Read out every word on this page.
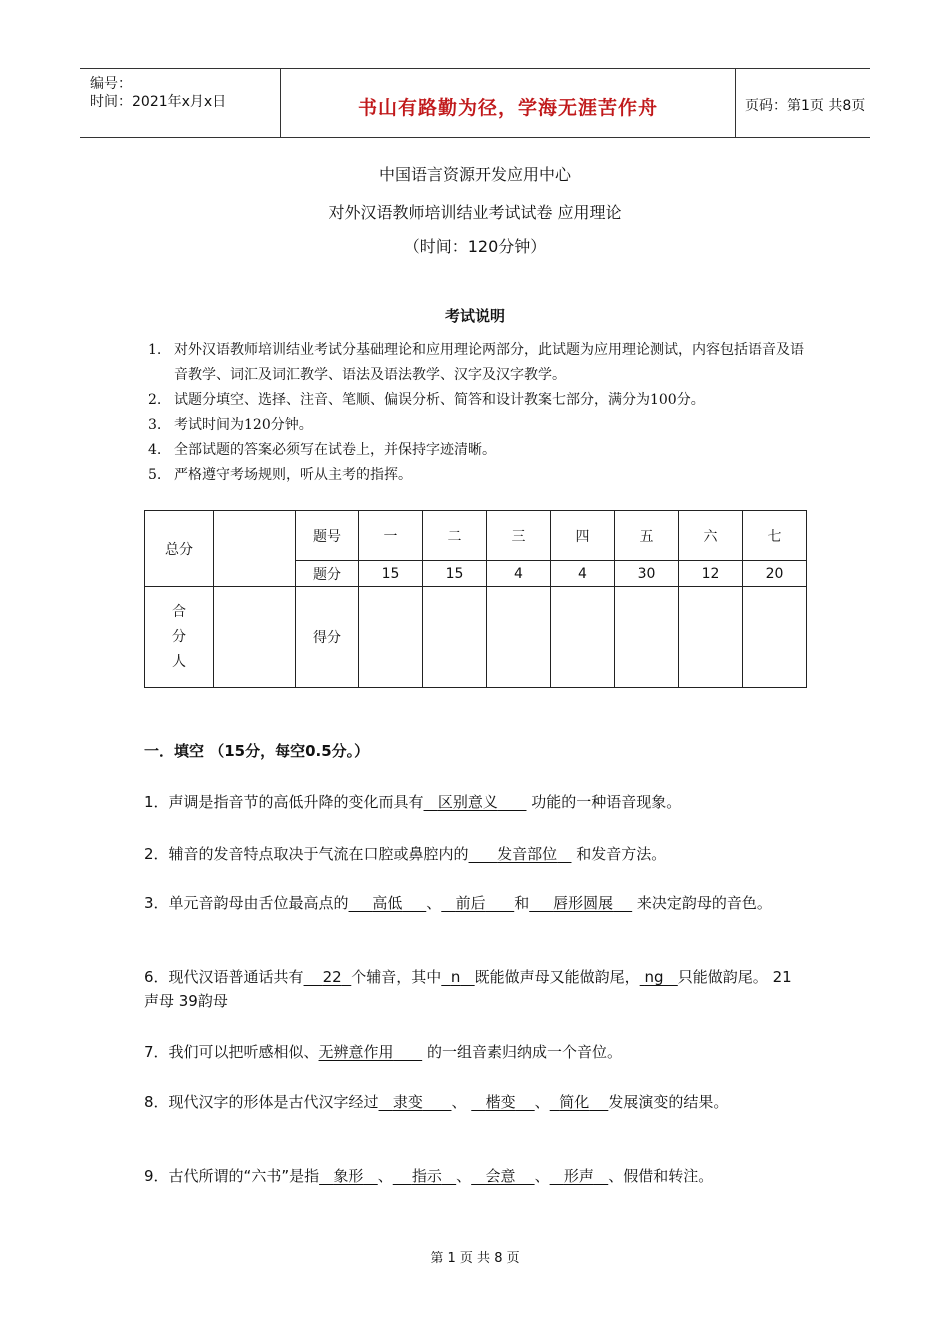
编号：
时间：2021年x月x日	书山有路勤为径，学海无涯苦作舟	页码：第1页 共8页
中国语言资源开发应用中心
对外汉语教师培训结业考试试卷 应用理论
（时间：120分钟）
考试说明
1. 对外汉语教师培训结业考试分基础理论和应用理论两部分，此试题为应用理论测试，内容包括语音及语音教学、词汇及词汇教学、语法及语法教学、汉字及汉字教学。
2. 试题分填空、选择、注音、笔顺、偏误分析、简答和设计教案七部分，满分为100分。
3. 考试时间为120分钟。
4. 全部试题的答案必须写在试卷上，并保持字迹清晰。
5. 严格遵守考场规则，听从主考的指挥。
总分		题号	一	二	三	四	五	六	七
		题分	15	15	4	4	30	12	20
合
分
人		得分							
一．填空 （15分，每空0.5分。）
1．声调是指音节的高低升降的变化而具有 区别意义       功能的一种语音现象。
2．辅音的发音特点取决于气流在口腔或鼻腔内的 发音部位    和发音方法。
3．单元音韵母由舌位最高点的 高低 、 前后 和 唇形圆展     来决定韵母的音色。
6．现代汉语普通话共有 22 个辅音，其中 n 既能做声母又能做韵尾， ng 只能做韵尾。 21声母 39韵母
7．我们可以把听感相似、无辨意作用       的一组音素归纳成一个音位。
8．现代汉字的形体是古代汉字经过 隶变 、    楷变 、 简化 发展演变的结果。
9．古代所谓的“六书”是指 象形 、 指示 、 会意 、 形声 、假借和转注。
第 1 页 共 8 页
